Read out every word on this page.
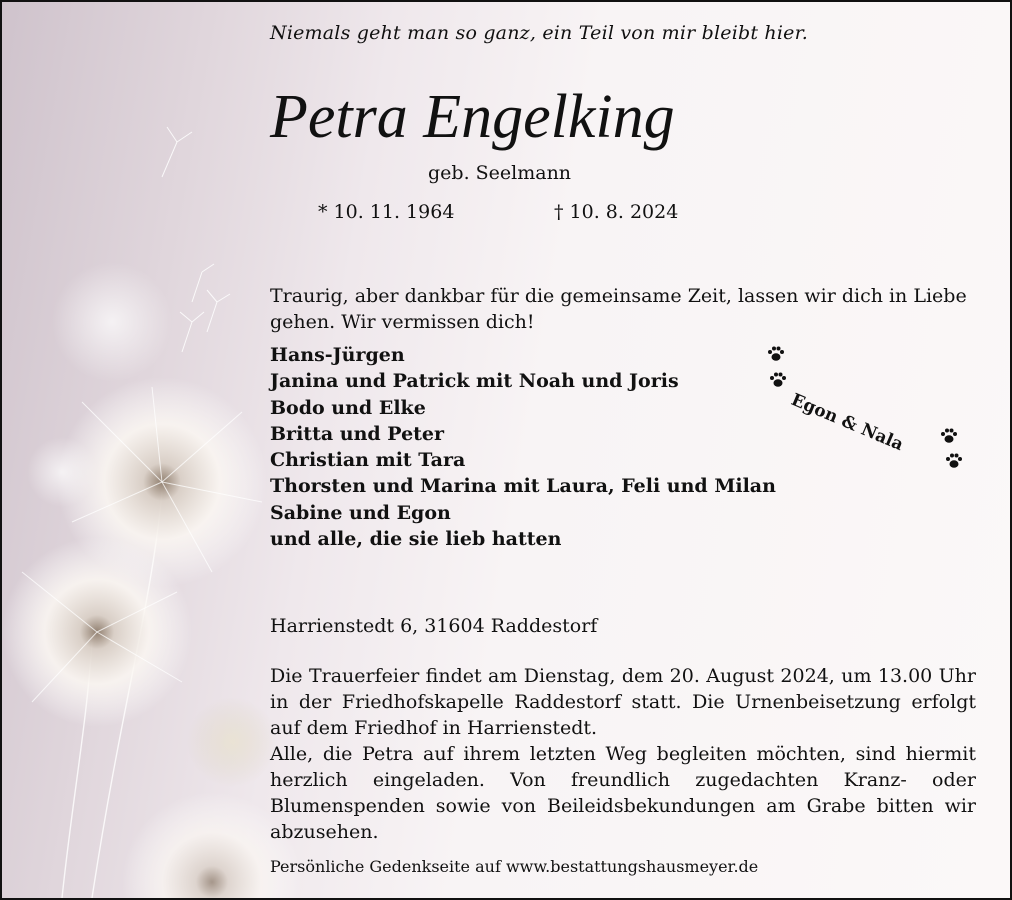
Niemals geht man so ganz, ein Teil von mir bleibt hier.
Petra Engelking
geb. Seelmann
* 10. 11. 1964	† 10. 8. 2024

Traurig, aber dankbar für die gemeinsame Zeit, lassen wir dich in Liebe gehen. Wir vermissen dich!

Hans-Jürgen
Janina und Patrick mit Noah und Joris
Bodo und Elke
Britta und Peter
Christian mit Tara
Thorsten und Marina mit Laura, Feli und Milan
Sabine und Egon
und alle, die sie lieb hatten
Egon & Nala
Harrienstedt 6, 31604 Raddestorf
Die Trauerfeier findet am Dienstag, dem 20. August 2024, um 13.00 Uhr in der Friedhofskapelle Raddestorf statt. Die Urnenbeisetzung erfolgt auf dem Friedhof in Harrienstedt.
Alle, die Petra auf ihrem letzten Weg begleiten möchten, sind hiermit herzlich eingeladen. Von freundlich zugedachten Kranz- oder Blumenspenden sowie von Beileidsbekundungen am Grabe bitten wir abzusehen.
Persönliche Gedenkseite auf www.bestattungshausmeyer.de
